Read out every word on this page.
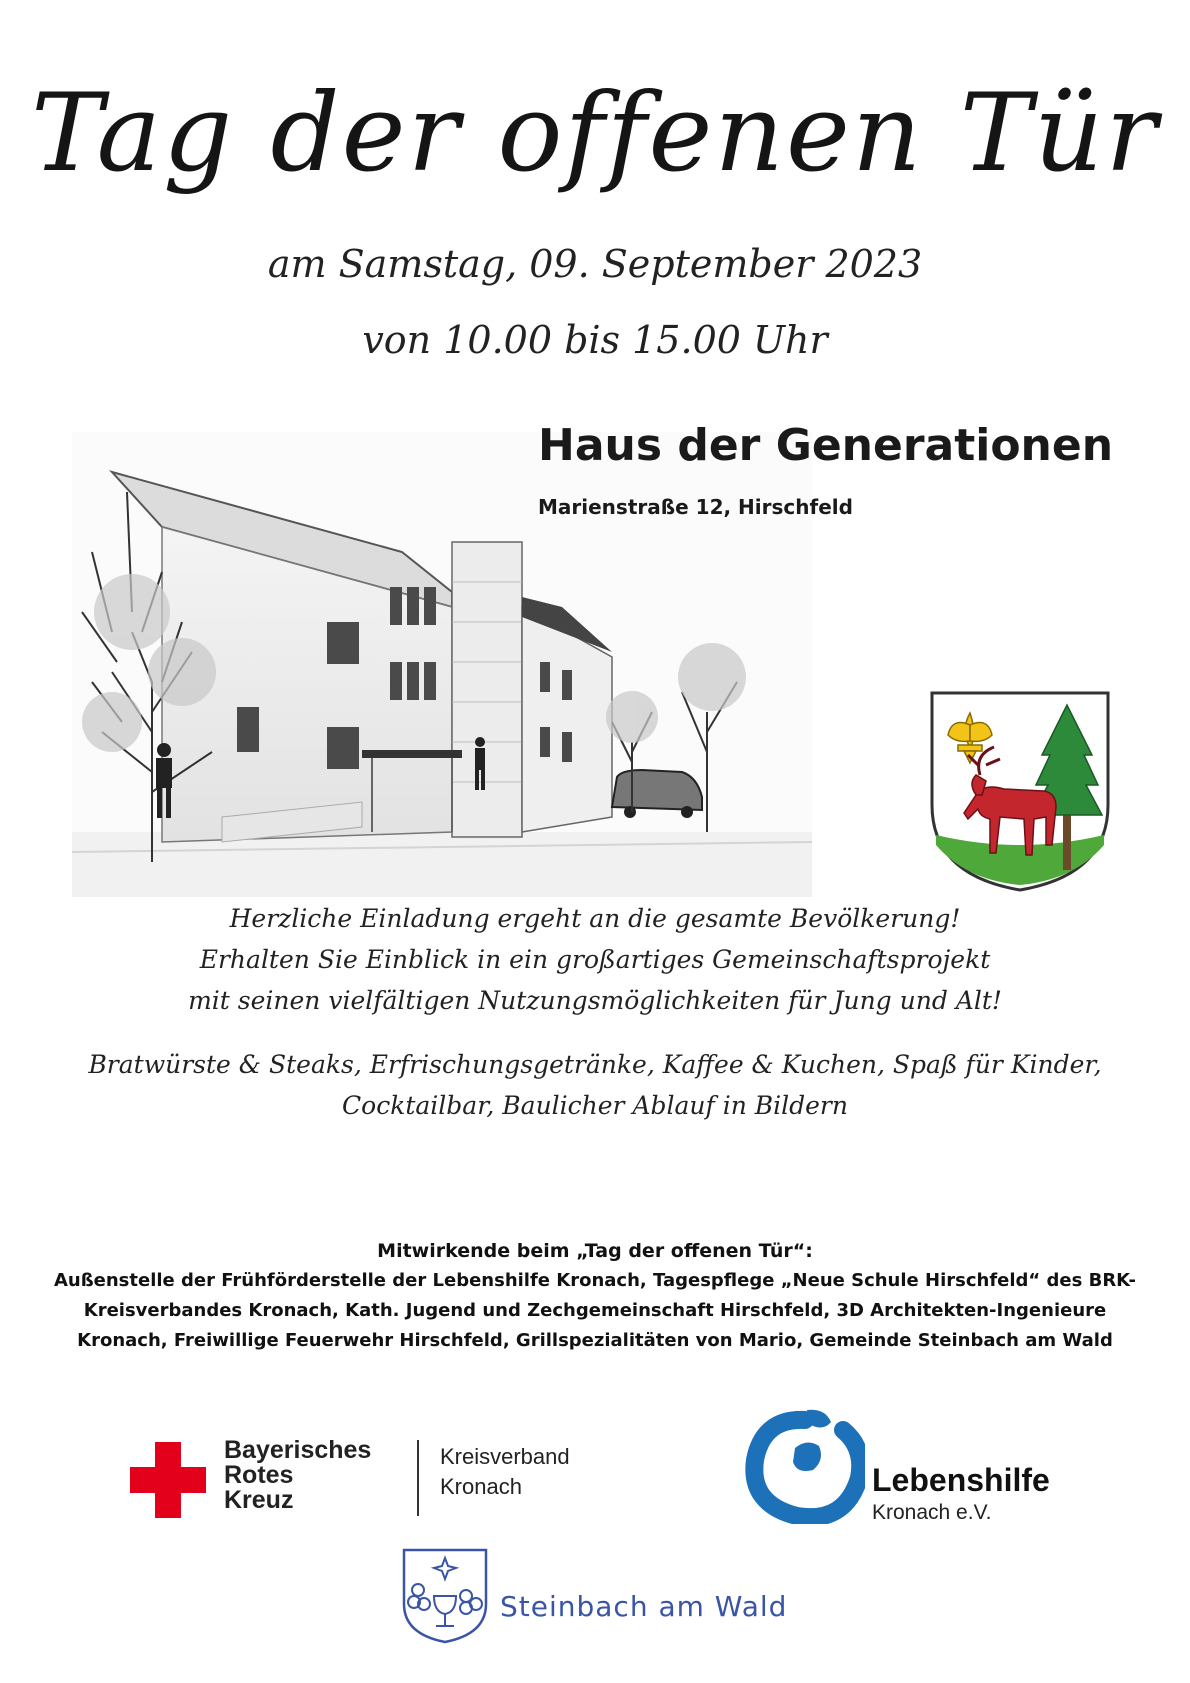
Tag der offenen Tür
am Samstag, 09. September 2023
von 10.00 bis 15.00 Uhr
Haus der Generationen
Marienstraße 12, Hirschfeld
Herzliche Einladung ergeht an die gesamte Bevölkerung!
Erhalten Sie Einblick in ein großartiges Gemeinschaftsprojekt
mit seinen vielfältigen Nutzungsmöglichkeiten für Jung und Alt!
Bratwürste & Steaks, Erfrischungsgetränke, Kaffee & Kuchen, Spaß für Kinder,
Cocktailbar, Baulicher Ablauf in Bildern
Mitwirkende beim „Tag der offenen Tür“:
Außenstelle der Frühförderstelle der Lebenshilfe Kronach, Tagespflege „Neue Schule Hirschfeld“ des BRK-
Kreisverbandes Kronach, Kath. Jugend und Zechgemeinschaft Hirschfeld, 3D Architekten-Ingenieure
Kronach, Freiwillige Feuerwehr Hirschfeld, Grillspezialitäten von Mario, Gemeinde Steinbach am Wald
Bayerisches
Rotes
Kreuz
Kreisverband
Kronach	Lebenshilfe
Kronach e.V.
Steinbach am Wald
